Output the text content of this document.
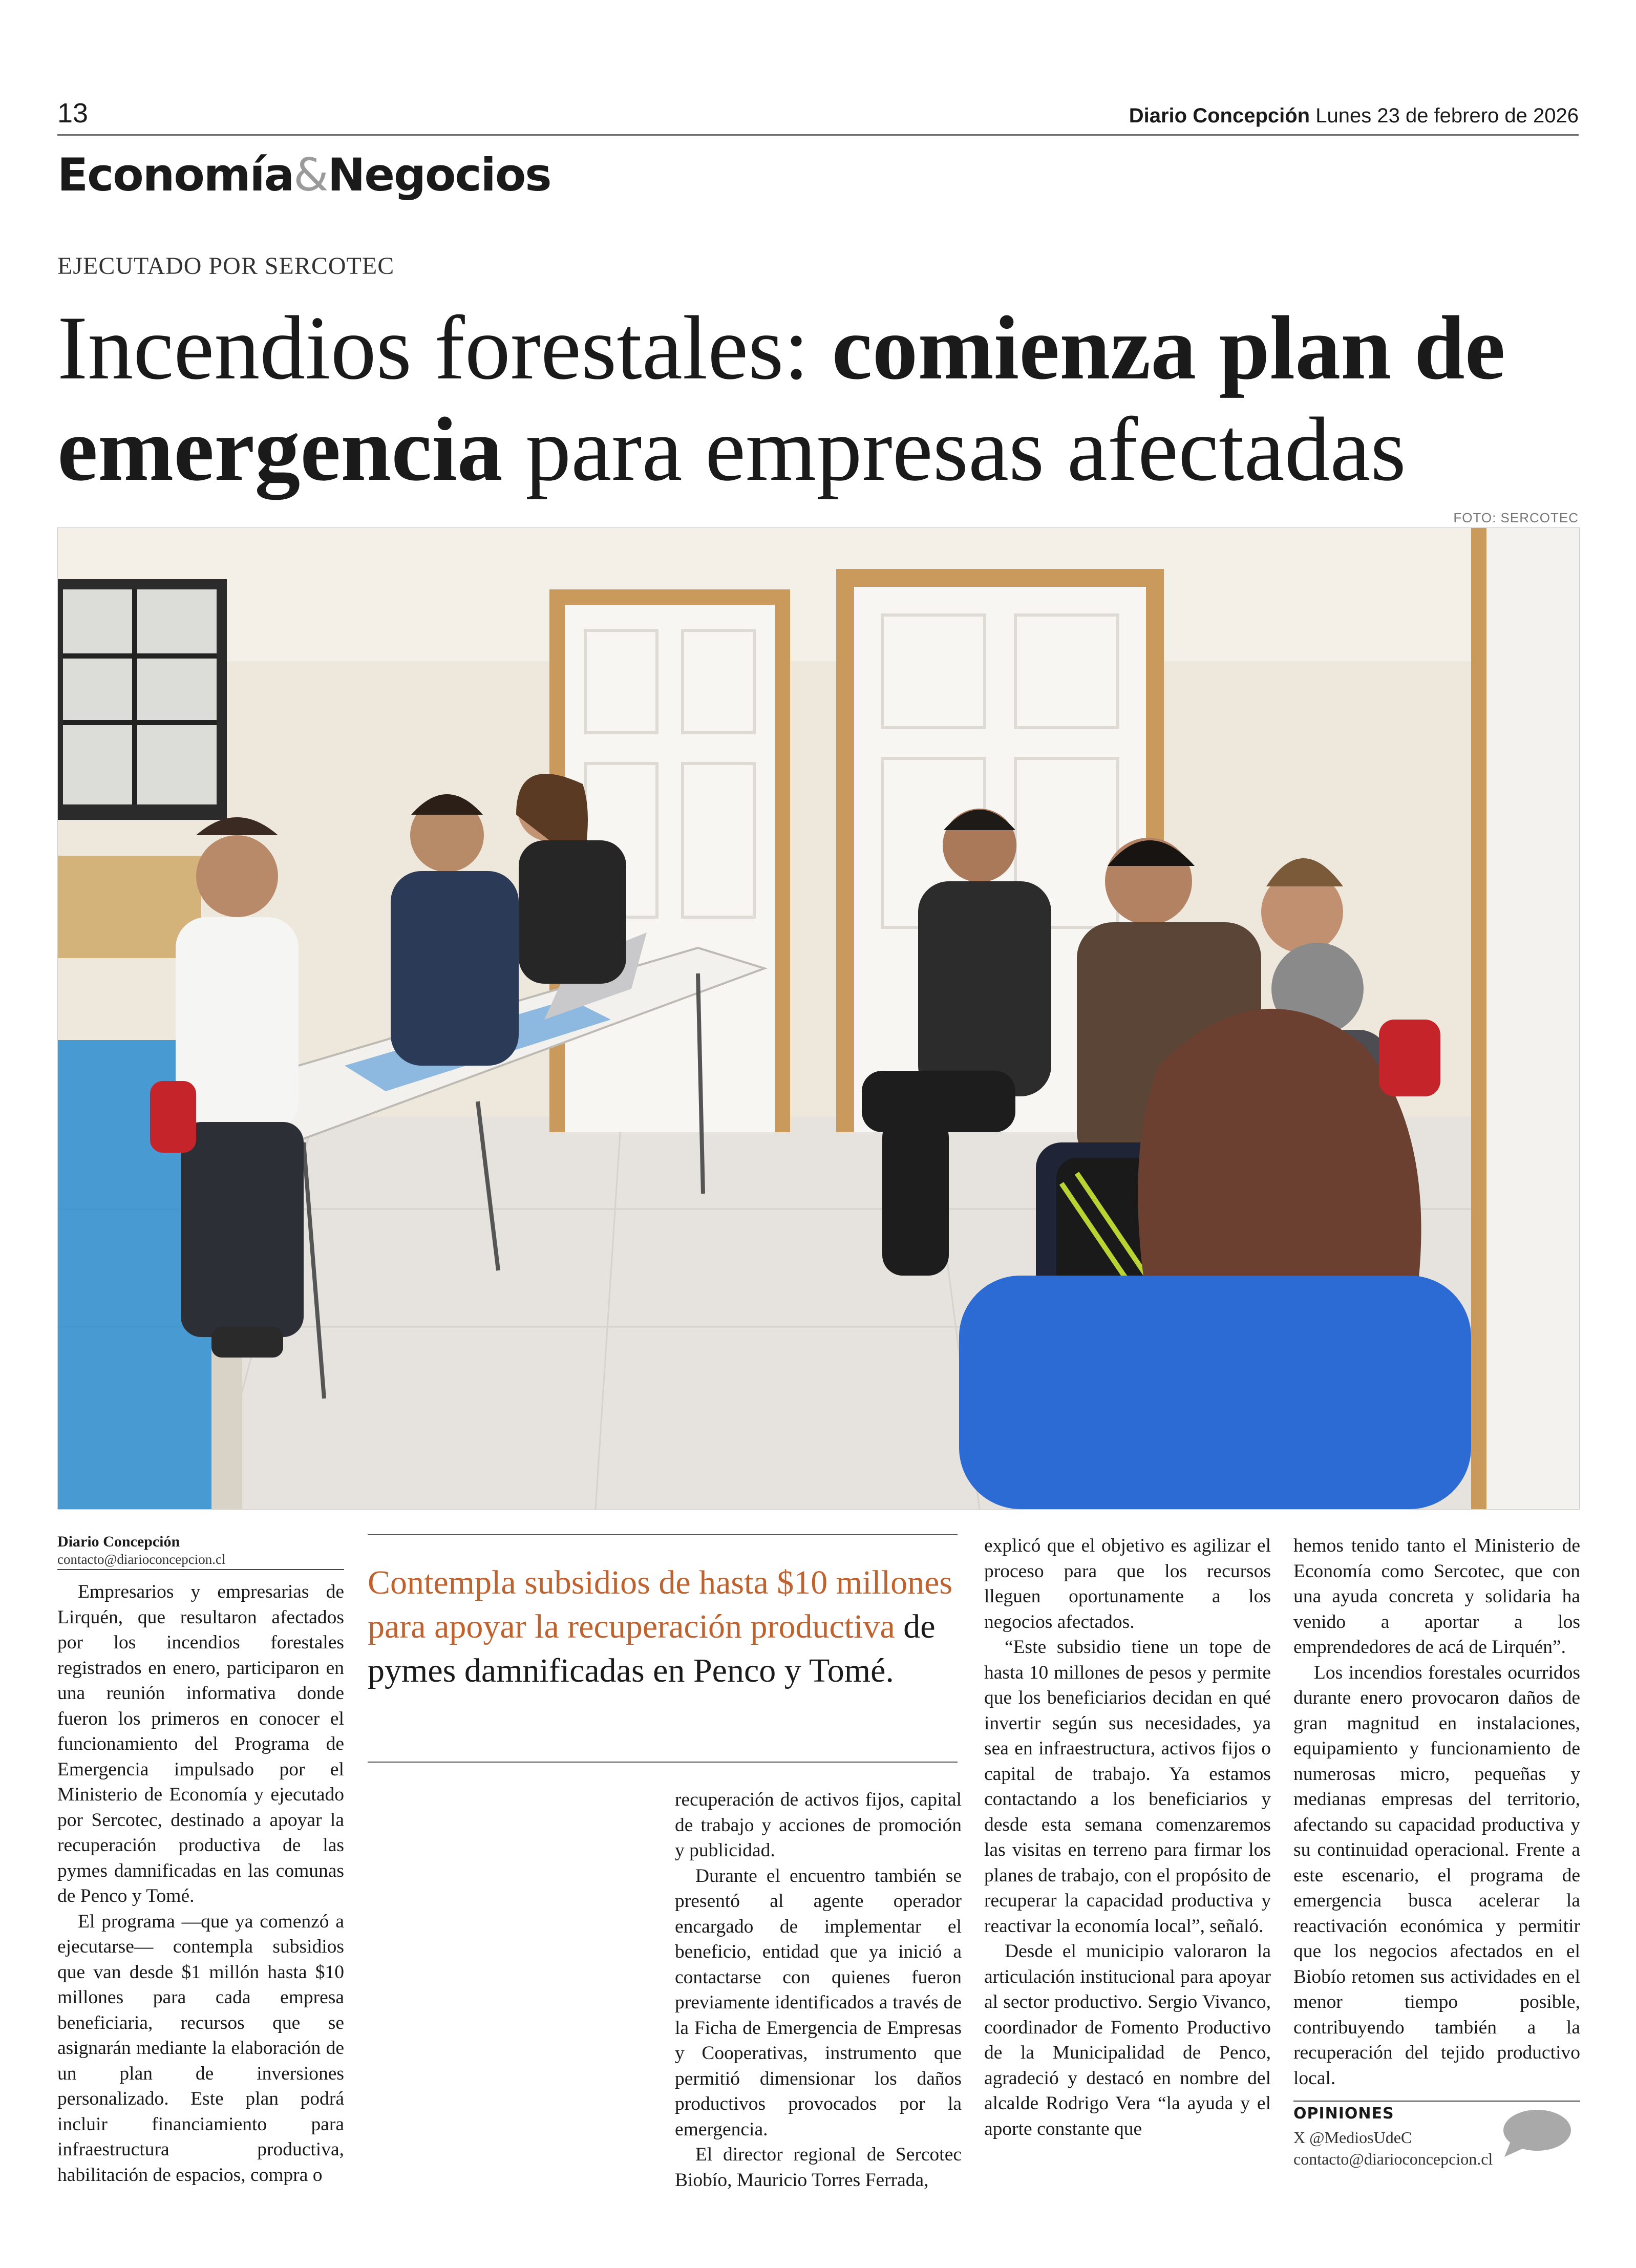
13	Diario Concepción Lunes 23 de febrero de 2026
Economía&Negocios
EJECUTADO POR SERCOTEC
Incendios forestales: comienza plan de emergencia para empresas afectadas
FOTO: SERCOTEC
Diario Concepción
contacto@diarioconcepcion.cl

Empresarios y empresarias de Lirquén, que resultaron afectados por los incendios forestales registrados en enero, participaron en una reunión informativa donde fueron los primeros en conocer el funcionamiento del Programa de Emergencia impulsado por el Ministerio de Economía y ejecutado por Sercotec, destinado a apoyar la recuperación productiva de las pymes damnificadas en las comunas de Penco y Tomé.

El programa —que ya comenzó a ejecutarse— contempla subsidios que van desde $1 millón hasta $10 millones para cada empresa beneficiaria, recursos que se asignarán mediante la elaboración de un plan de inversiones personalizado. Este plan podrá incluir financiamiento para infraestructura productiva, habilitación de espacios, compra o

Contempla subsidios de hasta $10 millones para apoyar la recuperación productiva de pymes damnificadas en Penco y Tomé.

recuperación de activos fijos, capital de trabajo y acciones de promoción y publicidad.

Durante el encuentro también se presentó al agente operador encargado de implementar el beneficio, entidad que ya inició a contactarse con quienes fueron previamente identificados a través de la Ficha de Emergencia de Empresas y Cooperativas, instrumento que permitió dimensionar los daños productivos provocados por la emergencia.

El director regional de Sercotec Biobío, Mauricio Torres Ferrada,

explicó que el objetivo es agilizar el proceso para que los recursos lleguen oportunamente a los negocios afectados.

“Este subsidio tiene un tope de hasta 10 millones de pesos y permite que los beneficiarios decidan en qué invertir según sus necesidades, ya sea en infraestructura, activos fijos o capital de trabajo. Ya estamos contactando a los beneficiarios y desde esta semana comenzaremos las visitas en terreno para firmar los planes de trabajo, con el propósito de recuperar la capacidad productiva y reactivar la economía local”, señaló.

Desde el municipio valoraron la articulación institucional para apoyar al sector productivo. Sergio Vivanco, coordinador de Fomento Productivo de la Municipalidad de Penco, agradeció y destacó en nombre del alcalde Rodrigo Vera “la ayuda y el aporte constante que

hemos tenido tanto el Ministerio de Economía como Sercotec, que con una ayuda concreta y solidaria ha venido a aportar a los emprendedores de acá de Lirquén”.

Los incendios forestales ocurridos durante enero provocaron daños de gran magnitud en instalaciones, equipamiento y funcionamiento de numerosas micro, pequeñas y medianas empresas del territorio, afectando su capacidad productiva y su continuidad operacional. Frente a este escenario, el programa de emergencia busca acelerar la reactivación económica y permitir que los negocios afectados en el Biobío retomen sus actividades en el menor tiempo posible, contribuyendo también a la recuperación del tejido productivo local.

OPINIONES
X @MediosUdeC
contacto@diarioconcepcion.cl
